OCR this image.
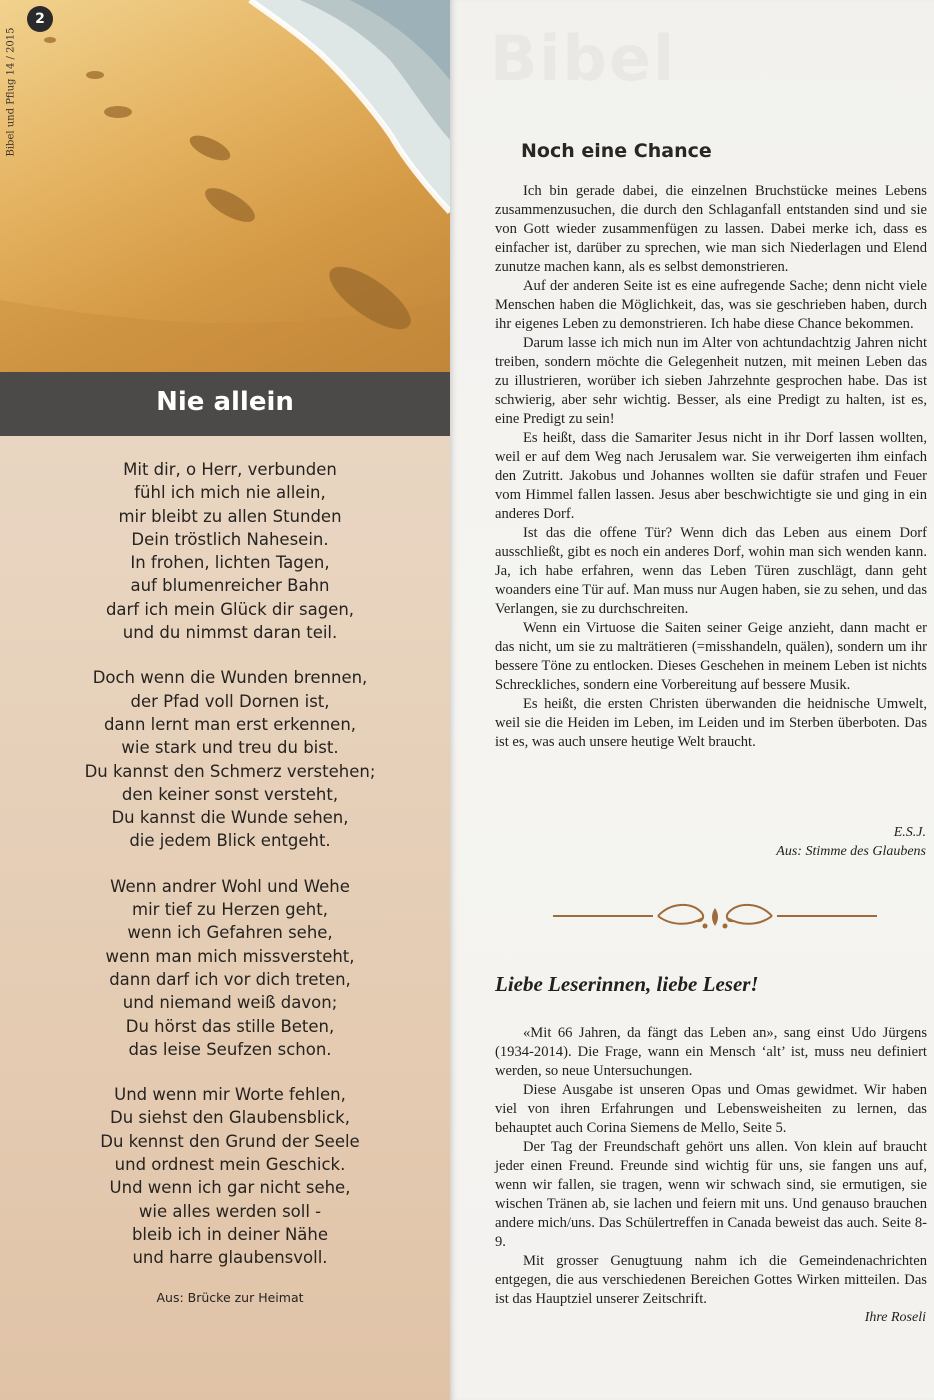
Bibel und Pflug 14 / 2015
2
Nie allein
Mit dir, o Herr, verbunden
fühl ich mich nie allein,
mir bleibt zu allen Stunden
Dein tröstlich Nahesein.
In frohen, lichten Tagen,
auf blumenreicher Bahn
darf ich mein Glück dir sagen,
und du nimmst daran teil.
Doch wenn die Wunden brennen,
der Pfad voll Dornen ist,
dann lernt man erst erkennen,
wie stark und treu du bist.
Du kannst den Schmerz verstehen;
den keiner sonst versteht,
Du kannst die Wunde sehen,
die jedem Blick entgeht.
Wenn andrer Wohl und Wehe
mir tief zu Herzen geht,
wenn ich Gefahren sehe,
wenn man mich missversteht,
dann darf ich vor dich treten,
und niemand weiß davon;
Du hörst das stille Beten,
das leise Seufzen schon.
Und wenn mir Worte fehlen,
Du siehst den Glaubensblick,
Du kennst den Grund der Seele
und ordnest mein Geschick.
Und wenn ich gar nicht sehe,
wie alles werden soll -
bleib ich in deiner Nähe
und harre glaubensvoll.
Aus: Brücke zur Heimat
Bibel
Noch eine Chance

Ich bin gerade dabei, die einzelnen Bruchstücke meines Lebens zusammenzusuchen, die durch den Schlaganfall entstanden sind und sie von Gott wieder zusammenfügen zu lassen. Dabei merke ich, dass es einfacher ist, darüber zu sprechen, wie man sich Niederlagen und Elend zunutze machen kann, als es selbst demonstrieren.

Auf der anderen Seite ist es eine aufregende Sache; denn nicht viele Menschen haben die Möglichkeit, das, was sie geschrieben haben, durch ihr eigenes Leben zu demonstrieren. Ich habe diese Chance bekommen.

Darum lasse ich mich nun im Alter von achtundachtzig Jahren nicht treiben, sondern möchte die Gelegenheit nutzen, mit meinen Leben das zu illustrieren, worüber ich sieben Jahrzehnte gesprochen habe. Das ist schwierig, aber sehr wichtig. Besser, als eine Predigt zu halten, ist es, eine Predigt zu sein!

Es heißt, dass die Samariter Jesus nicht in ihr Dorf lassen wollten, weil er auf dem Weg nach Jerusalem war. Sie verweigerten ihm einfach den Zutritt. Jakobus und Johannes wollten sie dafür strafen und Feuer vom Himmel fallen lassen. Jesus aber beschwichtigte sie und ging in ein anderes Dorf.

Ist das die offene Tür? Wenn dich das Leben aus einem Dorf ausschließt, gibt es noch ein anderes Dorf, wohin man sich wenden kann. Ja, ich habe erfahren, wenn das Leben Türen zuschlägt, dann geht woanders eine Tür auf. Man muss nur Augen haben, sie zu sehen, und das Verlangen, sie zu durchschreiten.

Wenn ein Virtuose die Saiten seiner Geige anzieht, dann macht er das nicht, um sie zu malträtieren (=misshandeln, quälen), sondern um ihr bessere Töne zu entlocken. Dieses Geschehen in meinem Leben ist nichts Schreckliches, sondern eine Vorbereitung auf bessere Musik.

Es heißt, die ersten Christen überwanden die heidnische Umwelt, weil sie die Heiden im Leben, im Leiden und im Sterben überboten. Das ist es, was auch unsere heutige Welt braucht.

E.S.J.
Aus: Stimme des Glaubens
Liebe Leserinnen, liebe Leser!

«Mit 66 Jahren, da fängt das Leben an», sang einst Udo Jürgens (1934-2014). Die Frage, wann ein Mensch ‘alt’ ist, muss neu definiert werden, so neue Untersuchungen.

Diese Ausgabe ist unseren Opas und Omas gewidmet. Wir haben viel von ihren Erfahrungen und Lebensweisheiten zu lernen, das behauptet auch Corina Siemens de Mello, Seite 5.

Der Tag der Freundschaft gehört uns allen. Von klein auf braucht jeder einen Freund. Freunde sind wichtig für uns, sie fangen uns auf, wenn wir fallen, sie tragen, wenn wir schwach sind, sie ermutigen, sie wischen Tränen ab, sie lachen und feiern mit uns. Und genauso brauchen andere mich/uns. Das Schülertreffen in Canada beweist das auch. Seite 8-9.

Mit grosser Genugtuung nahm ich die Gemeindenachrichten entgegen, die aus verschiedenen Bereichen Gottes Wirken mitteilen. Das ist das Hauptziel unserer Zeitschrift.

Ihre Roseli
